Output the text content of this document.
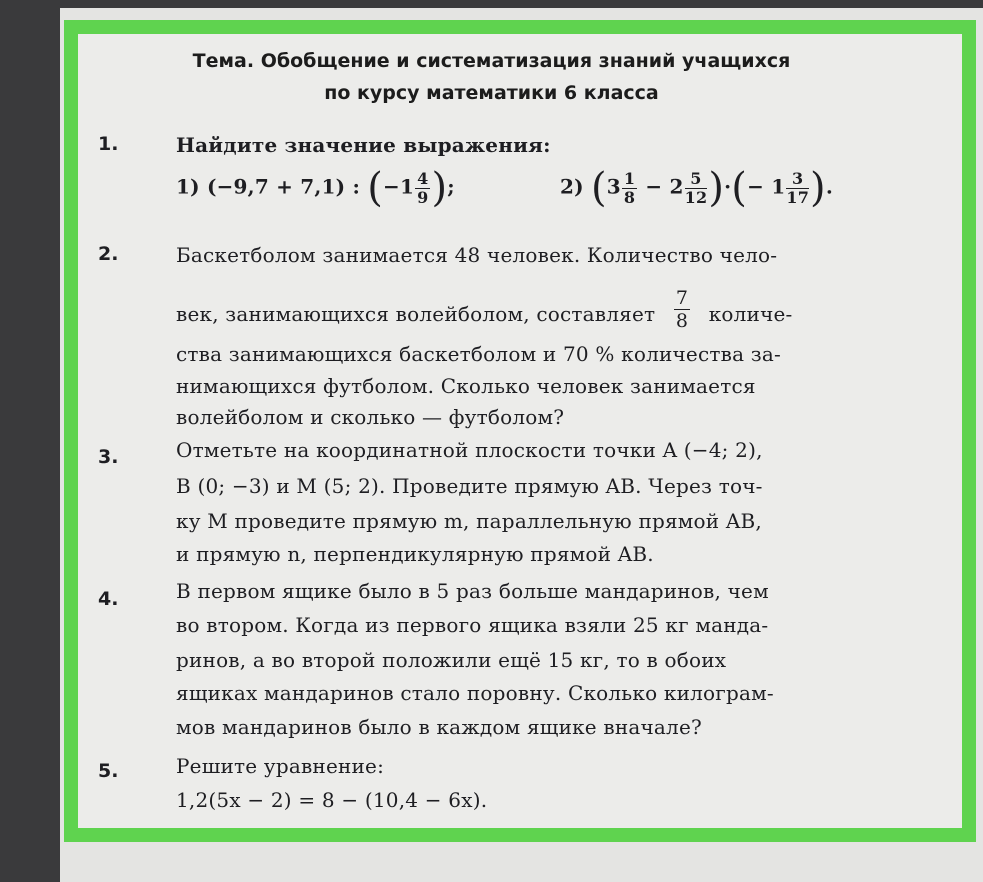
Тема. Обобщение и систематизация знаний учащихся
по курсу математики 6 класса
1.	Найдите значение выражения:
1) (−9,7 + 7,1) : ($-1 \frac{4}{9}$ );	2) ($3 \frac{1}{8} - 2 \frac{5}{12}$ )·(− $1 \frac{3}{17}$ ).
2.	Баскетболом занимается 48 человек. Количество чело-
век, занимающихся волейболом, составляет $\frac{7}{8}$ количе-
ства занимающихся баскетболом и 70 % количества за-
нимающихся футболом. Сколько человек занимается
волейболом и сколько — футболом?
3.	Отметьте на координатной плоскости точки A (−4; 2),
B (0; −3) и M (5; 2). Проведите прямую AB. Через точ-
ку M проведите прямую m, параллельную прямой AB,
и прямую n, перпендикулярную прямой AB.
4.	В первом ящике было в 5 раз больше мандаринов, чем
во втором. Когда из первого ящика взяли 25 кг манда-
ринов, а во второй положили ещё 15 кг, то в обоих
ящиках мандаринов стало поровну. Сколько килограм-
мов мандаринов было в каждом ящике вначале?
5.	Решите уравнение:
1,2(5x − 2) = 8 − (10,4 − 6x).
